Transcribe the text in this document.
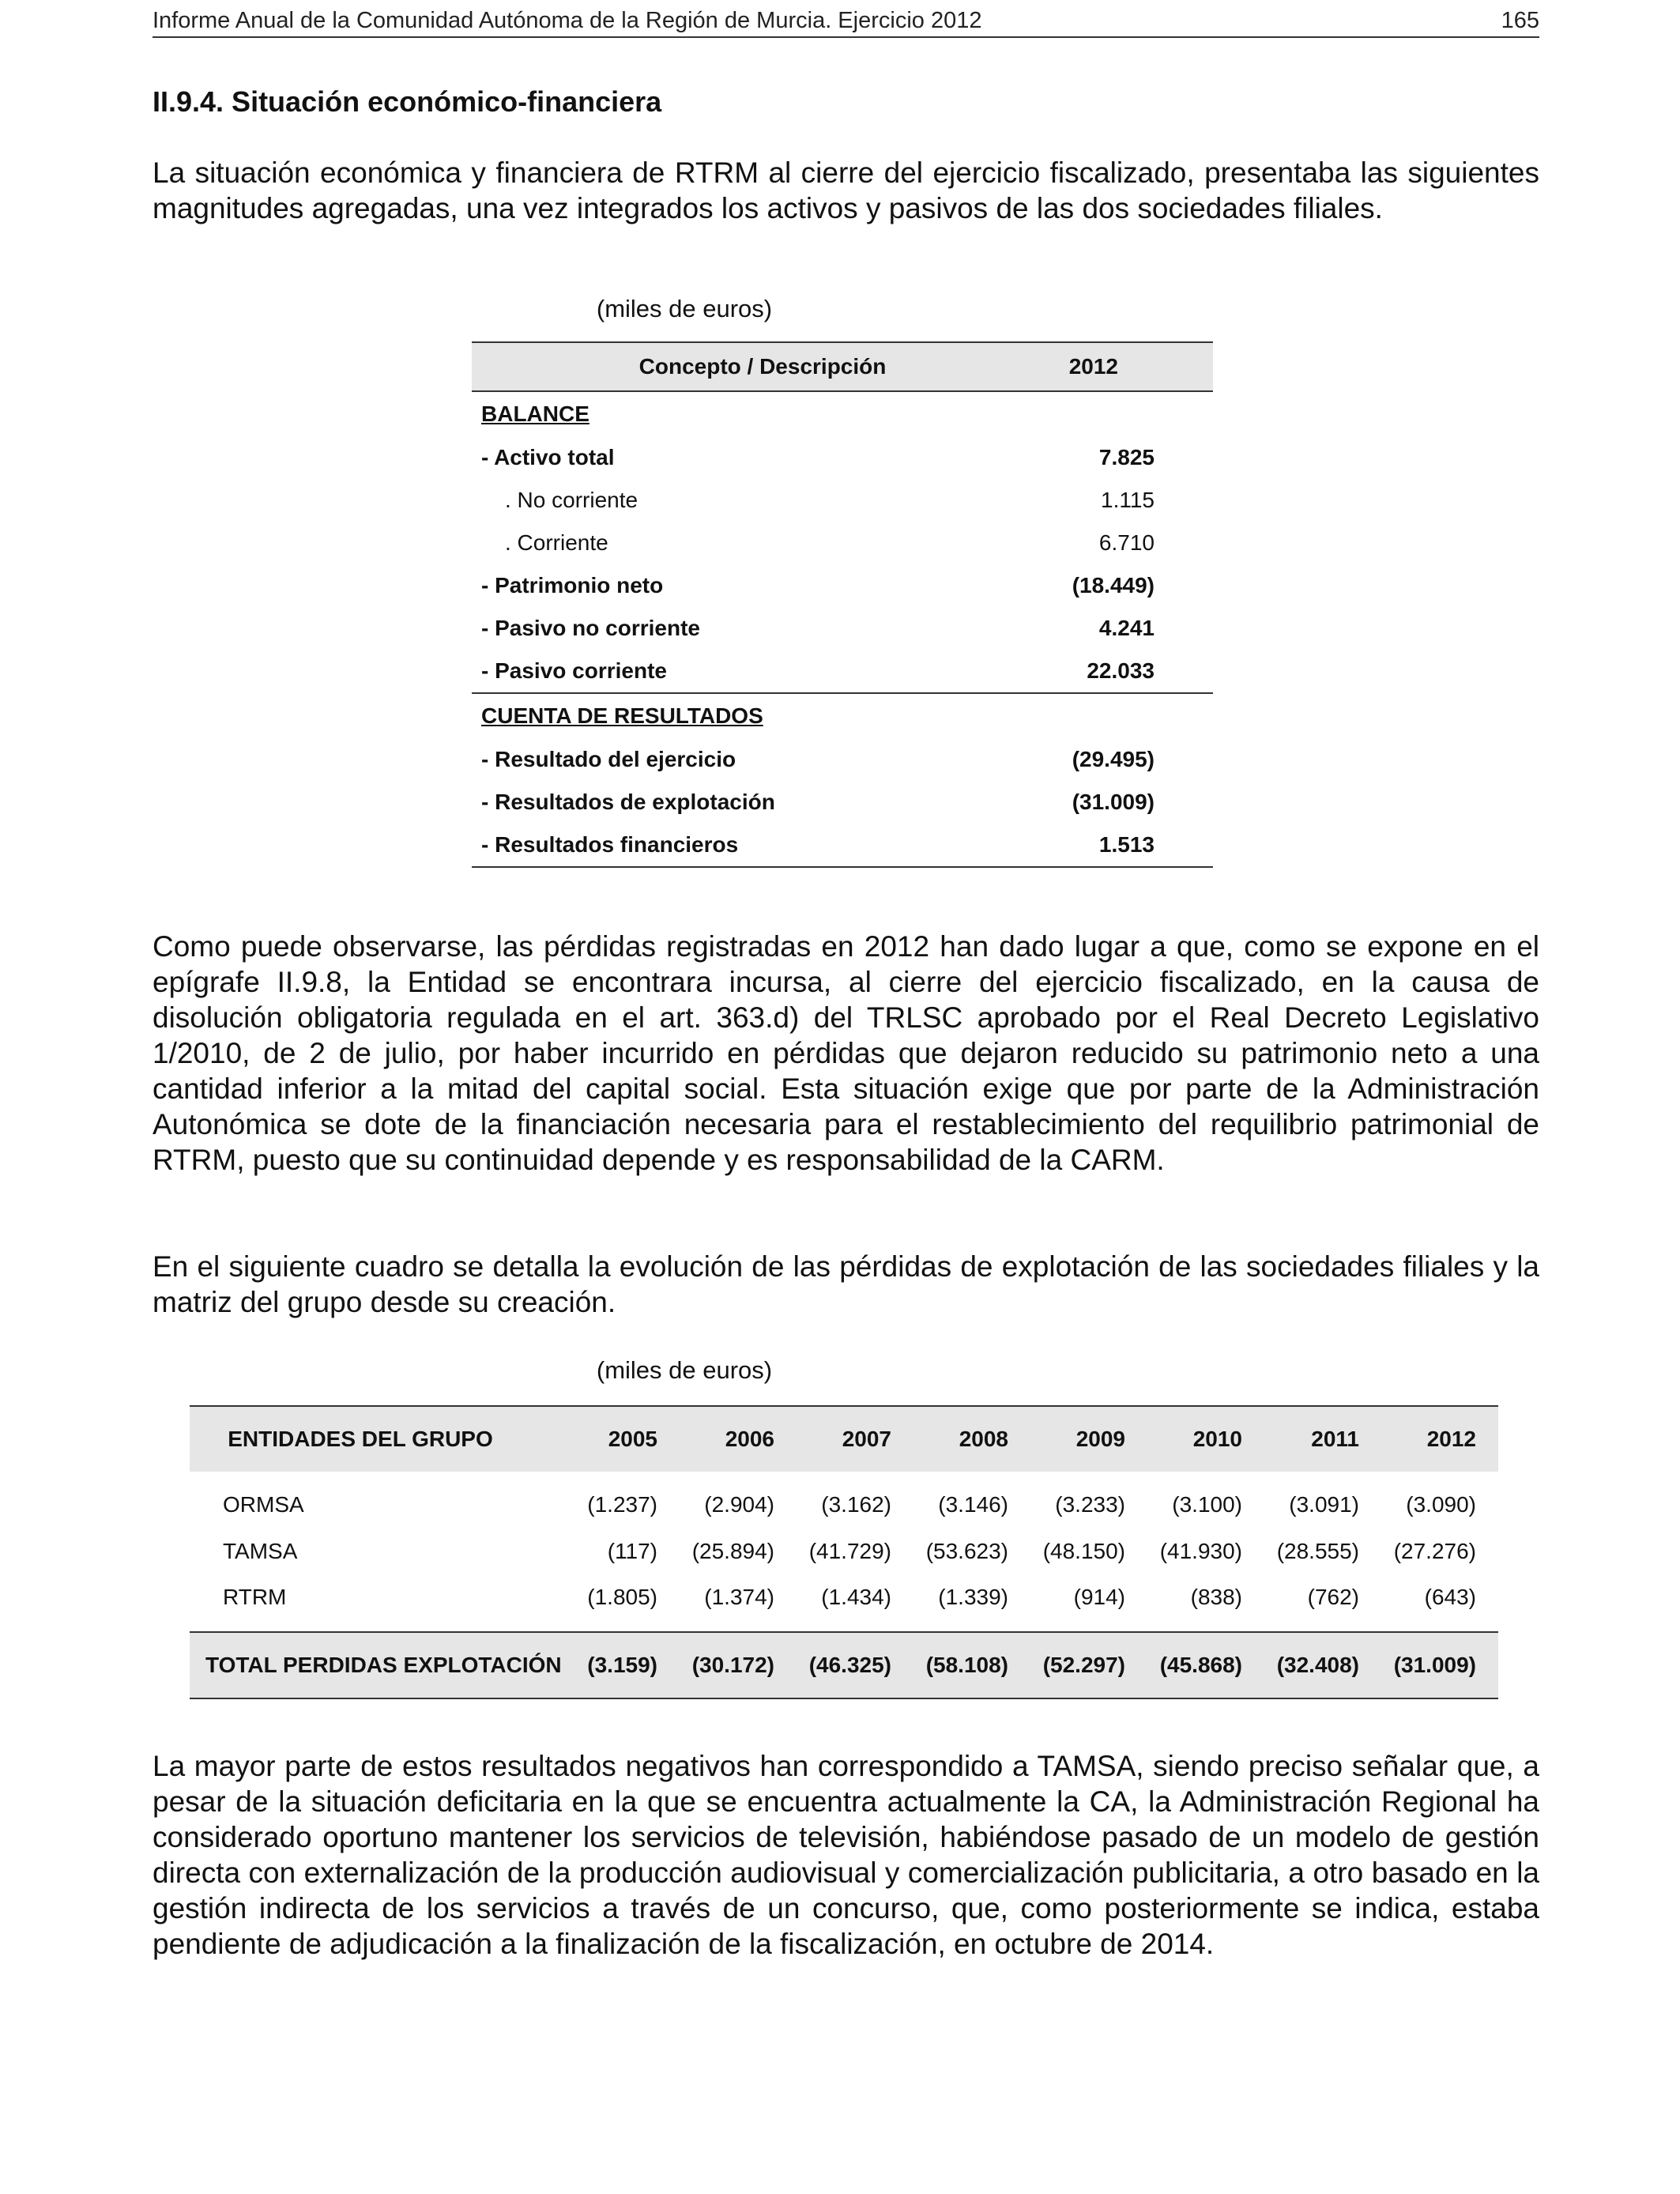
Informe Anual de la Comunidad Autónoma de la Región de Murcia. Ejercicio 2012	165
II.9.4. Situación económico-financiera

La situación económica y financiera de RTRM al cierre del ejercicio fiscalizado, presentaba las siguientes magnitudes agregadas, una vez integrados los activos y pasivos de las dos sociedades filiales.

(miles de euros)
Concepto / Descripción	2012
BALANCE	
- Activo total	7.825
. No corriente	1.115
. Corriente	6.710
- Patrimonio neto	(18.449)
- Pasivo no corriente	4.241
- Pasivo corriente	22.033
CUENTA DE RESULTADOS	
- Resultado del ejercicio	(29.495)
- Resultados de explotación	(31.009)
- Resultados financieros	1.513

Como puede observarse, las pérdidas registradas en 2012 han dado lugar a que, como se expone en el epígrafe II.9.8, la Entidad se encontrara incursa, al cierre del ejercicio fiscalizado, en la causa de disolución obligatoria regulada en el art. 363.d) del TRLSC aprobado por el Real Decreto Legislativo 1/2010, de 2 de julio, por haber incurrido en pérdidas que dejaron reducido su patrimonio neto a una cantidad inferior a la mitad del capital social. Esta situación exige que por parte de la Administración Autonómica se dote de la financiación necesaria para el restablecimiento del requilibrio patrimonial de RTRM, puesto que su continuidad depende y es responsabilidad de la CARM.

En el siguiente cuadro se detalla la evolución de las pérdidas de explotación de las sociedades filiales y la matriz del grupo desde su creación.

(miles de euros)
ENTIDADES DEL GRUPO	2005	2006	2007	2008	2009	2010	2011	2012
ORMSA	(1.237)	(2.904)	(3.162)	(3.146)	(3.233)	(3.100)	(3.091)	(3.090)
TAMSA	(117)	(25.894)	(41.729)	(53.623)	(48.150)	(41.930)	(28.555)	(27.276)
RTRM	(1.805)	(1.374)	(1.434)	(1.339)	(914)	(838)	(762)	(643)
TOTAL PERDIDAS EXPLOTACIÓN	(3.159)	(30.172)	(46.325)	(58.108)	(52.297)	(45.868)	(32.408)	(31.009)

La mayor parte de estos resultados negativos han correspondido a TAMSA, siendo preciso señalar que, a pesar de la situación deficitaria en la que se encuentra actualmente la CA, la Administración Regional ha considerado oportuno mantener los servicios de televisión, habiéndose pasado de un modelo de gestión directa con externalización de la producción audiovisual y comercialización publicitaria, a otro basado en la gestión indirecta de los servicios a través de un concurso, que, como posteriormente se indica, estaba pendiente de adjudicación a la finalización de la fiscalización, en octubre de 2014.
